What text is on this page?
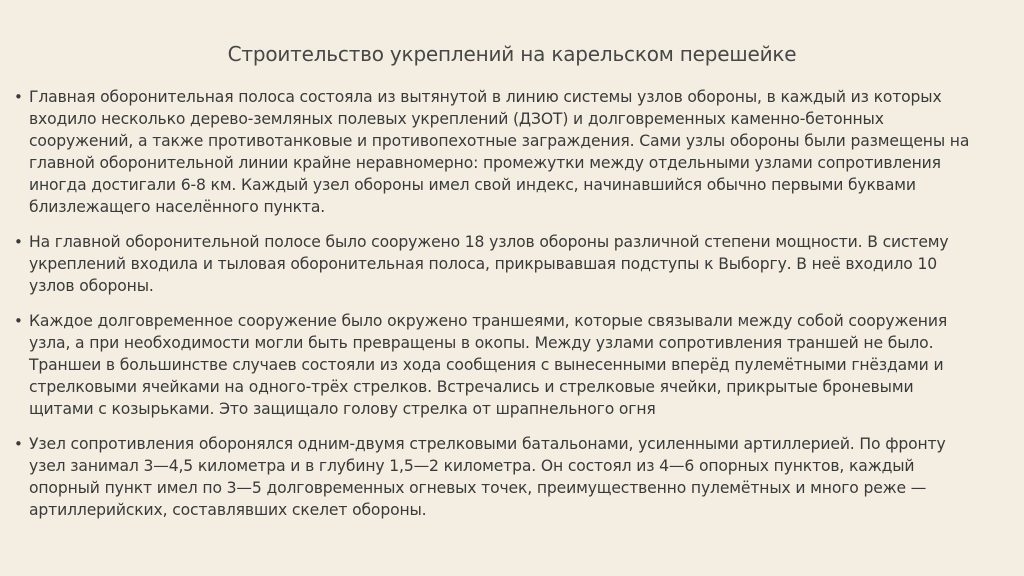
Строительство укреплений на карельском перешейке
• Главная оборонительная полоса состояла из вытянутой в линию системы узлов обороны, в каждый из которых входило несколько дерево-земляных полевых укреплений (ДЗОТ) и долговременных каменно-бетонных сооружений, а также противотанковые и противопехотные заграждения. Сами узлы обороны были размещены на главной оборонительной линии крайне неравномерно: промежутки между отдельными узлами сопротивления иногда достигали 6-8 км. Каждый узел обороны имел свой индекс, начинавшийся обычно первыми буквами близлежащего населённого пункта.
• На главной оборонительной полосе было сооружено 18 узлов обороны различной степени мощности. В систему укреплений входила и тыловая оборонительная полоса, прикрывавшая подступы к Выборгу. В неё входило 10 узлов обороны.
• Каждое долговременное сооружение было окружено траншеями, которые связывали между собой сооружения узла, а при необходимости могли быть превращены в окопы. Между узлами сопротивления траншей не было. Траншеи в большинстве случаев состояли из хода сообщения с вынесенными вперёд пулемётными гнёздами и стрелковыми ячейками на одного-трёх стрелков. Встречались и стрелковые ячейки, прикрытые броневыми щитами с козырьками. Это защищало голову стрелка от шрапнельного огня
• Узел сопротивления оборонялся одним-двумя стрелковыми батальонами, усиленными артиллерией. По фронту узел занимал 3—4,5 километра и в глубину 1,5—2 километра. Он состоял из 4—6 опорных пунктов, каждый опорный пункт имел по 3—5 долговременных огневых точек, преимущественно пулемётных и много реже — артиллерийских, составлявших скелет обороны.
